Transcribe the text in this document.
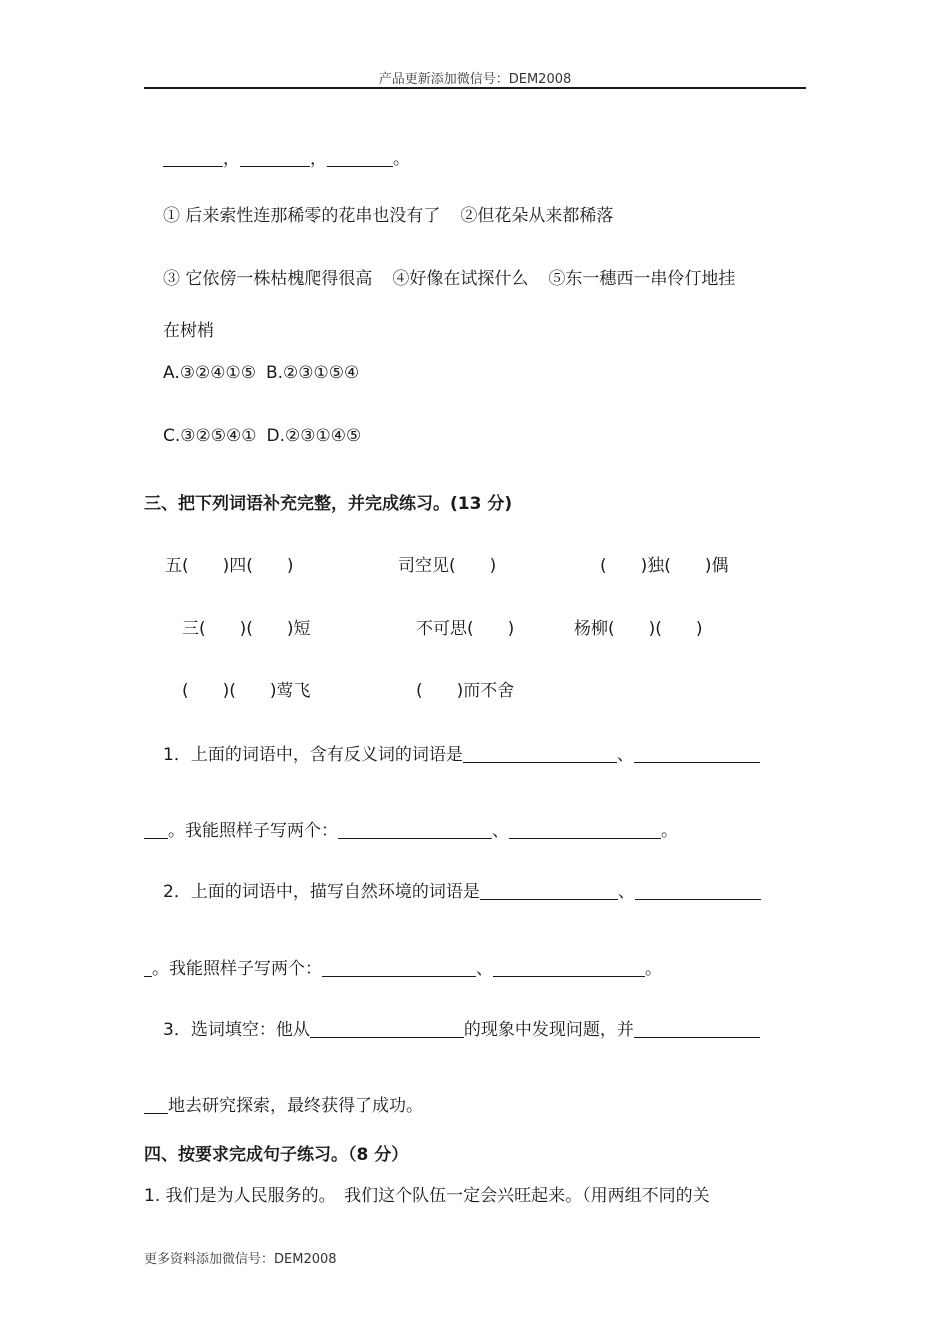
产品更新添加微信号：DEM2008
，	，	。
① 后来索性连那稀零的花串也没有了 ②但花朵从来都稀落
③ 它依傍一株枯槐爬得很高 ④好像在试探什么 ⑤东一穗西一串伶仃地挂
在树梢
A.③②④①⑤ B.②③①⑤④
C.③②⑤④① D.②③①④⑤
三、把下列词语补充完整，并完成练习。(13 分)
五(　　)四(　　)	司空见(　　)	(　　)独(　　)偶
三(　　)(　　)短	不可思(　　)	杨柳(　　)(　　)
(　　)(　　)莺飞	(　　)而不舍
1．上面的词语中，含有反义词的词语是	、
。我能照样子写两个：	、	。
2．上面的词语中，描写自然环境的词语是	、
。我能照样子写两个：	、	。
3．选词填空：他从	的现象中发现问题，并
地去研究探索，最终获得了成功。
四、按要求完成句子练习。（8 分）
1. 我们是为人民服务的。　我们这个队伍一定会兴旺起来。（用两组不同的关
更多资料添加微信号：DEM2008
